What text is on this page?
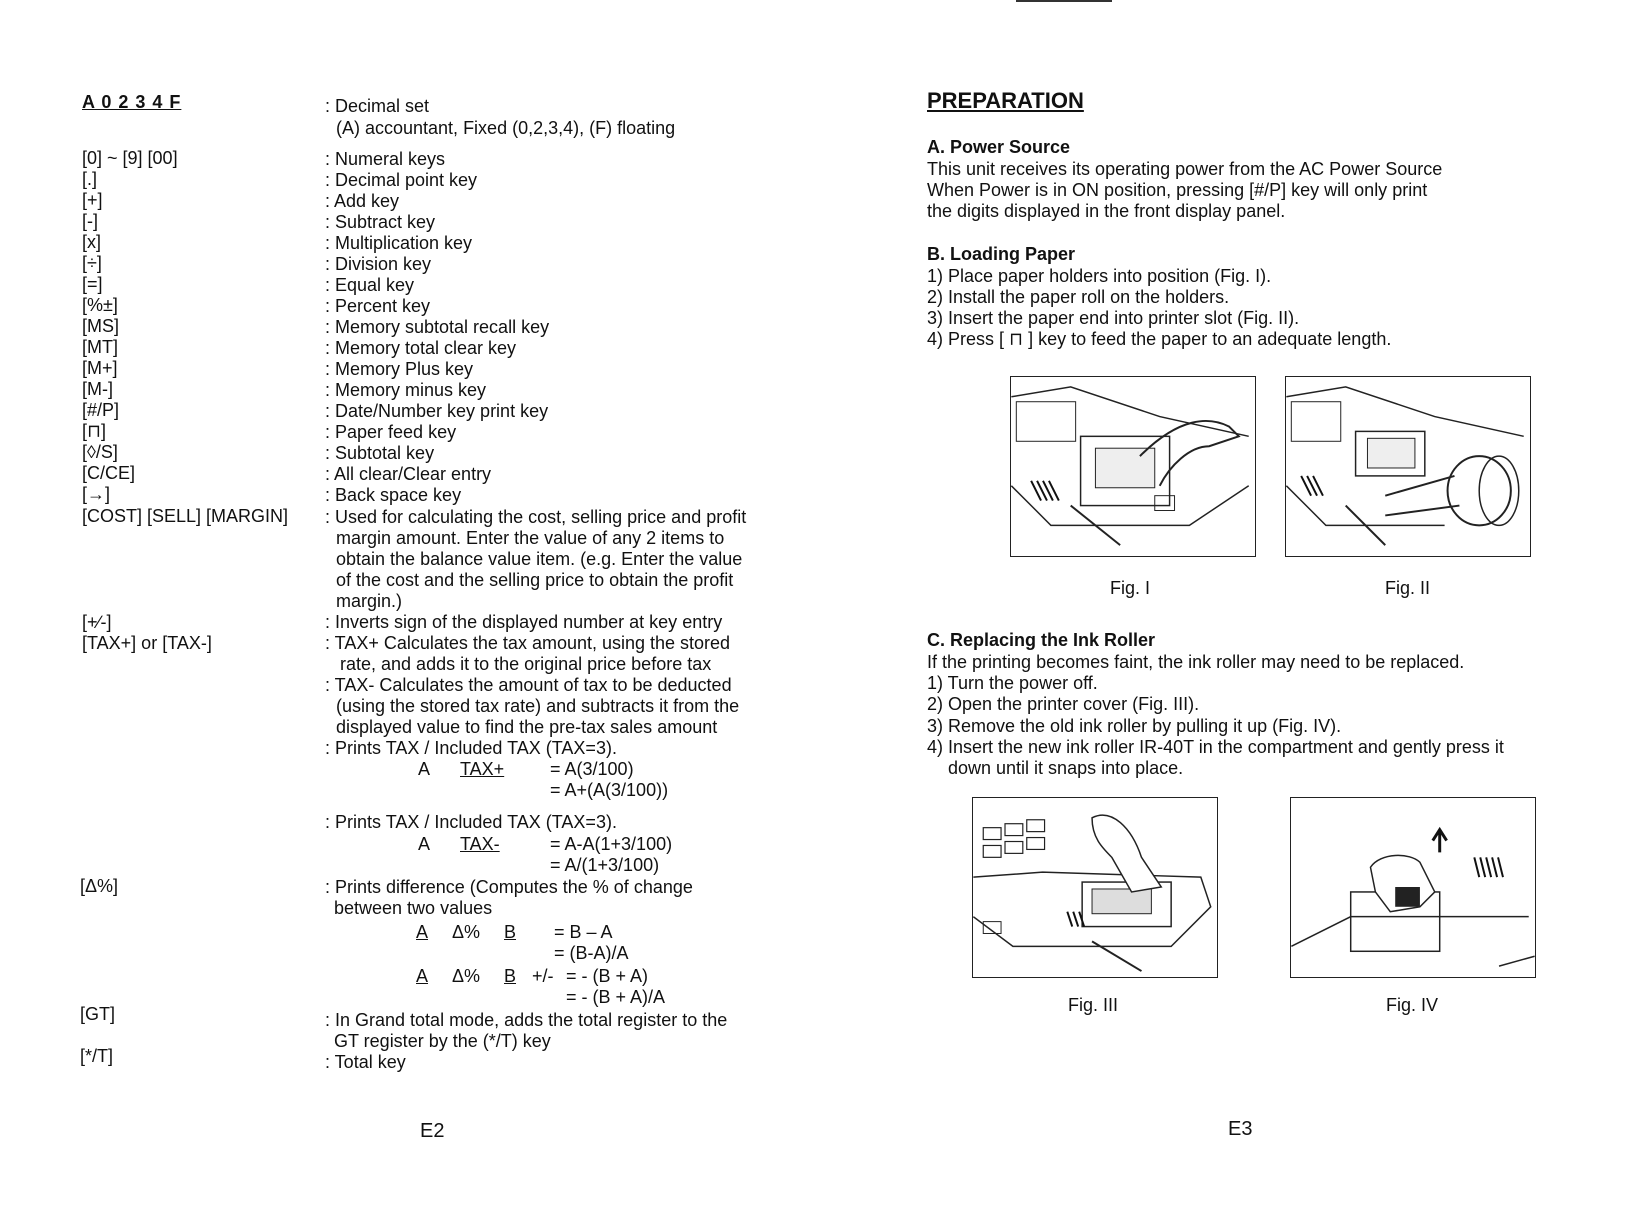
A 0 2 3 4 F	: Decimal set
(A) accountant, Fixed (0,2,3,4), (F) floating
[0] ~ [9] [00]	: Numeral keys
[.]	: Decimal point key
[+]	: Add key
[-]	: Subtract key
[x]	: Multiplication key
[÷]	: Division key
[=]	: Equal key
[%±]	: Percent key
[MS]	: Memory subtotal recall key
[MT]	: Memory total clear key
[M+]	: Memory Plus key
[M-]	: Memory minus key
[#/P]	: Date/Number key print key
[⊓]	: Paper feed key
[◊/S]	: Subtotal key
[C/CE]	: All clear/Clear entry
[→]	: Back space key
[COST] [SELL] [MARGIN] : Used for calculating the cost, selling price and profit
margin amount. Enter the value of any 2 items to
obtain the balance value item. (e.g. Enter the value
of the cost and the selling price to obtain the profit
margin.)
[+∕-]	: Inverts sign of the displayed number at key entry
[TAX+] or [TAX-]	: TAX+ Calculates the tax amount, using the stored
rate, and adds it to the original price before tax
: TAX- Calculates the amount of tax to be deducted
(using the stored tax rate) and subtracts it from the
displayed value to find the pre-tax sales amount
: Prints TAX / Included TAX (TAX=3).
A TAX+	= A(3/100)
= A+(A(3/100))
: Prints TAX / Included TAX (TAX=3).
A TAX-	= A-A(1+3/100)
= A/(1+3/100)
[Δ%]	: Prints difference (Computes the % of change
between two values
A Δ% B = B – A
= (B-A)/A
A Δ% B +/- = - (B + A)
= - (B + A)/A
[GT]	: In Grand total mode, adds the total register to the
GT register by the (*/T) key
[*/T]	: Total key
E2
PREPARATION
A. Power Source
This unit receives its operating power from the AC Power Source
When Power is in ON position, pressing [#/P] key will only print
the digits displayed in the front display panel.
B. Loading Paper
1) Place paper holders into position (Fig. I).
2) Install the paper roll on the holders.
3) Insert the paper end into printer slot (Fig. II).
4) Press [ ⊓ ] key to feed the paper to an adequate length.
Fig. I	Fig. II
C. Replacing the Ink Roller
If the printing becomes faint, the ink roller may need to be replaced.
1) Turn the power off.
2) Open the printer cover (Fig. III).
3) Remove the old ink roller by pulling it up (Fig. IV).
4) Insert the new ink roller IR-40T in the compartment and gently press it
down until it snaps into place.
Fig. III	Fig. IV
E3
